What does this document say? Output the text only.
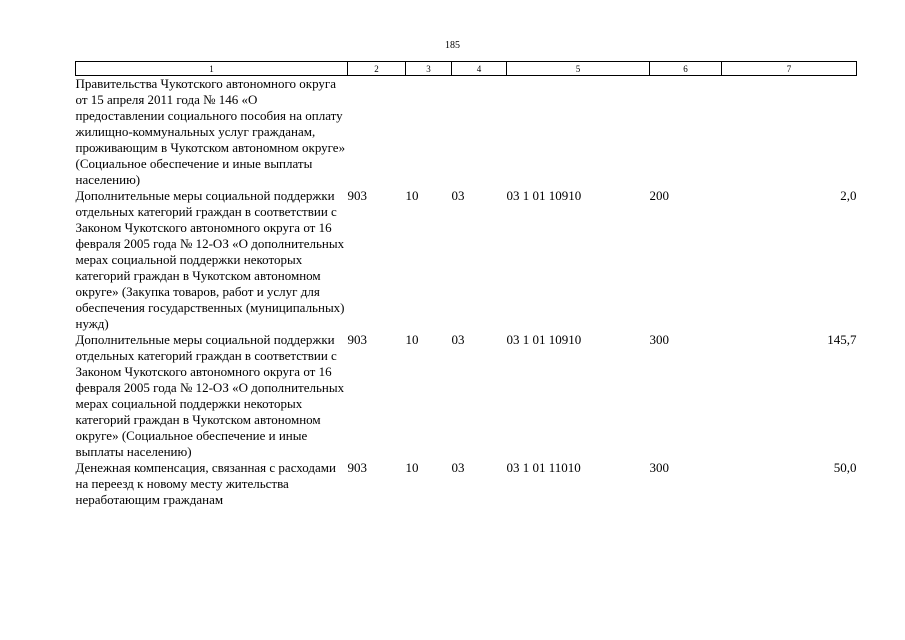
185
1	2	3	4	5	6	7
Правительства Чукотского автономного округа от 15 апреля 2011 года № 146 «О предоставлении социального пособия на оплату жилищно-коммунальных услуг гражданам, проживающим в Чукотском автономном округе» (Социальное обеспечение и иные выплаты населению)						
Дополнительные меры социальной поддержки отдельных категорий граждан в соответствии с Законом Чукотского автономного округа от 16 февраля 2005 года № 12-ОЗ «О дополнительных мерах социальной поддержки некоторых категорий граждан в Чукотском автономном округе» (Закупка товаров, работ и услуг для обеспечения государственных (муниципальных) нужд)	903	10	03	03 1 01 10910	200	2,0
Дополнительные меры социальной поддержки отдельных категорий граждан в соответствии с Законом Чукотского автономного округа от 16 февраля 2005 года № 12-ОЗ «О дополнительных мерах социальной поддержки некоторых категорий граждан в Чукотском автономном округе» (Социальное обеспечение и иные выплаты населению)	903	10	03	03 1 01 10910	300	145,7
Денежная компенсация, связанная с расходами на переезд к новому месту жительства неработающим гражданам	903	10	03	03 1 01 11010	300	50,0
